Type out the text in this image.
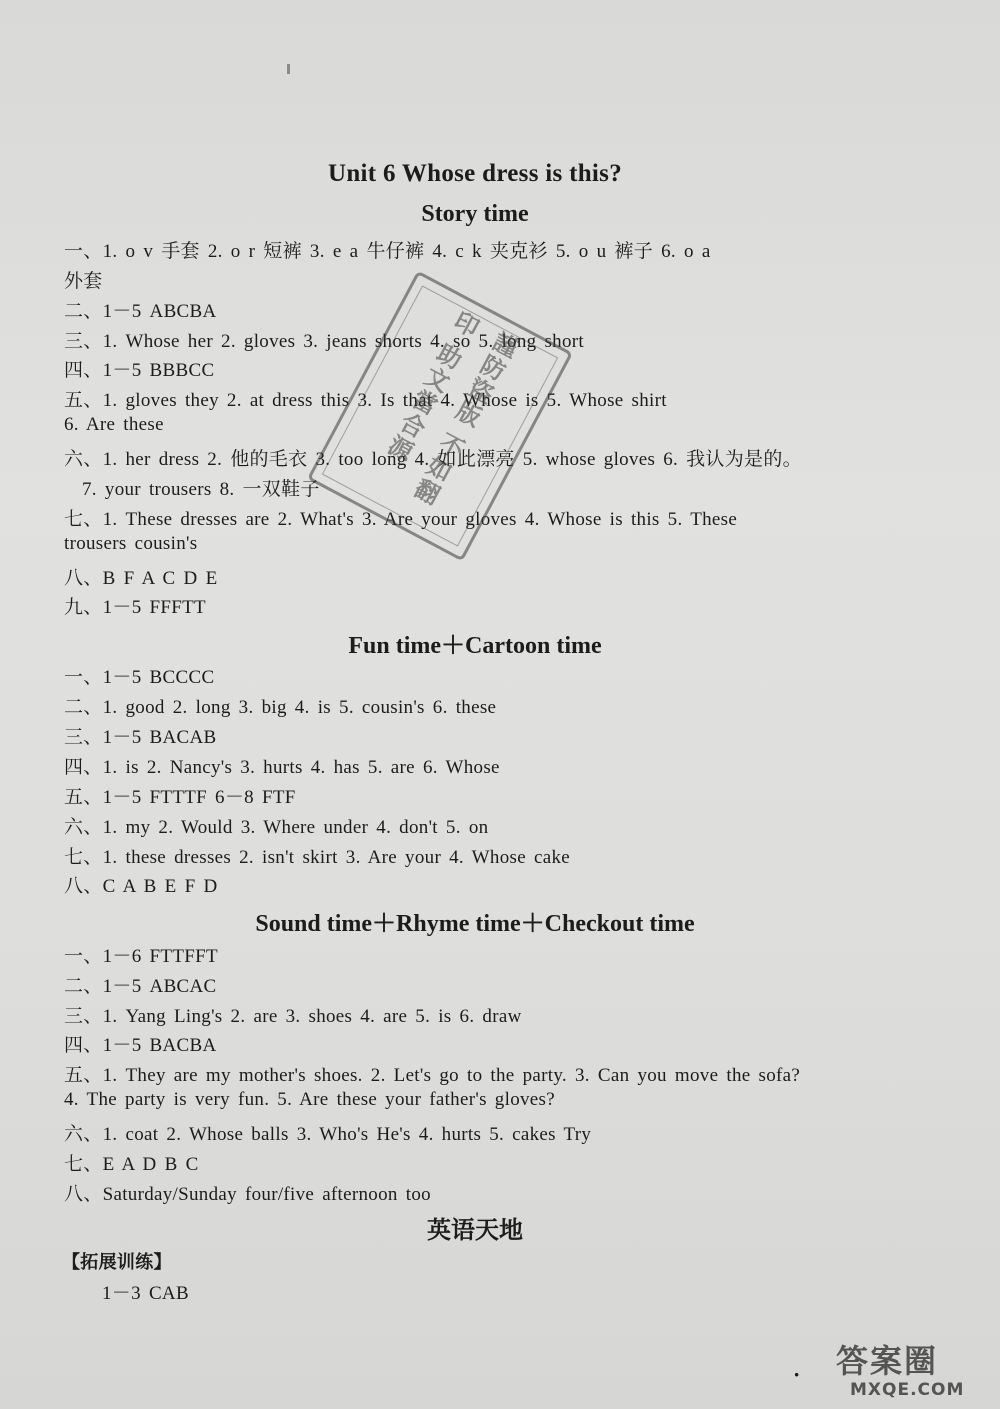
Unit 6 Whose dress is this?
Story time
一、1. o v 手套 2. o r 短裤 3. e a 牛仔裤 4. c k 夹克衫 5. o u 裤子 6. o a
外套
二、1－5 ABCBA
三、1. Whose her 2. gloves 3. jeans shorts 4. so 5. long short
四、1－5 BBBCC
五、1. gloves they 2. at dress this 3. Is that 4. Whose is 5. Whose shirt
6. Are these
六、1. her dress 2. 他的毛衣 3. too long 4. 如此漂亮 5. whose gloves 6. 我认为是的。
7. your trousers 8. 一双鞋子
七、1. These dresses are 2. What's 3. Are your gloves 4. Whose is this 5. These
trousers cousin's
八、B F A C D E
九、1－5 FFFTT
Fun time＋Cartoon time
一、1－5 BCCCC
二、1. good 2. long 3. big 4. is 5. cousin's 6. these
三、1－5 BACAB
四、1. is 2. Nancy's 3. hurts 4. has 5. are 6. Whose
五、1－5 FTTTF 6－8 FTF
六、1. my 2. Would 3. Where under 4. don't 5. on
七、1. these dresses 2. isn't skirt 3. Are your 4. Whose cake
八、C A B E F D
Sound time＋Rhyme time＋Checkout time
一、1－6 FTTFFT
二、1－5 ABCAC
三、1. Yang Ling's 2. are 3. shoes 4. are 5. is 6. draw
四、1－5 BACBA
五、1. They are my mother's shoes. 2. Let's go to the party. 3. Can you move the sofa?
4. The party is very fun. 5. Are these your father's gloves?
六、1. coat 2. Whose balls 3. Who's He's 4. hurts 5. cakes Try
七、E A D B C
八、Saturday/Sunday four/five afternoon too
英语天地
【拓展训练】
1－3 CAB
謹防盜版 不如翻印 助文當合源
· 答案圈
MXQE.COM
